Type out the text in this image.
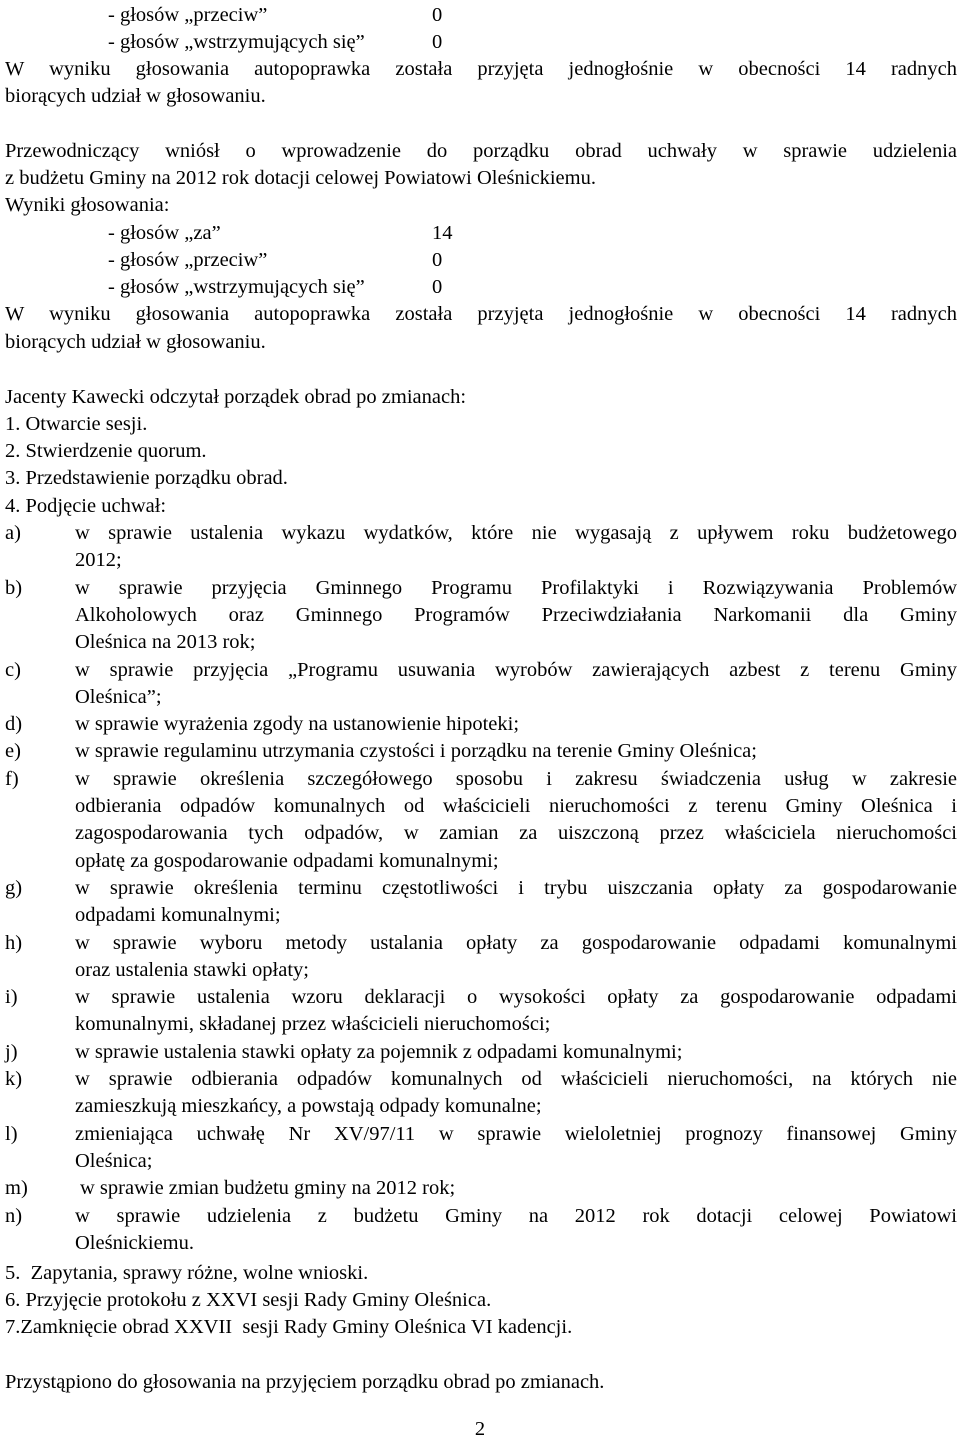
- głosów „przeciw”	0
- głosów „wstrzymujących się”	0
W wyniku głosowania autopoprawka została przyjęta jednogłośnie w obecności 14 radnych
biorących udział w głosowaniu.
Przewodniczący wniósł o wprowadzenie do porządku obrad uchwały w sprawie udzielenia
z budżetu Gminy na 2012 rok dotacji celowej Powiatowi Oleśnickiemu.
Wyniki głosowania:
- głosów „za”	14
- głosów „przeciw”	0
- głosów „wstrzymujących się”	0
W wyniku głosowania autopoprawka została przyjęta jednogłośnie w obecności 14 radnych
biorących udział w głosowaniu.
Jacenty Kawecki odczytał porządek obrad po zmianach:
1. Otwarcie sesji.
2. Stwierdzenie quorum.
3. Przedstawienie porządku obrad.
4. Podjęcie uchwał:
a)	w sprawie ustalenia wykazu wydatków, które nie wygasają z upływem roku budżetowego
2012;
b)	w sprawie przyjęcia Gminnego Programu Profilaktyki i Rozwiązywania Problemów
Alkoholowych oraz Gminnego Programów Przeciwdziałania Narkomanii dla Gminy
Oleśnica na 2013 rok;
c)	w sprawie przyjęcia „Programu usuwania wyrobów zawierających azbest z terenu Gminy
Oleśnica”;
d)	w sprawie wyrażenia zgody na ustanowienie hipoteki;
e)	w sprawie regulaminu utrzymania czystości i porządku na terenie Gminy Oleśnica;
f)	w sprawie określenia szczegółowego sposobu i zakresu świadczenia usług w zakresie
odbierania odpadów komunalnych od właścicieli nieruchomości z terenu Gminy Oleśnica i
zagospodarowania tych odpadów, w zamian za uiszczoną przez właściciela nieruchomości
opłatę za gospodarowanie odpadami komunalnymi;
g)	w sprawie określenia terminu częstotliwości i trybu uiszczania opłaty za gospodarowanie
odpadami komunalnymi;
h)	w sprawie wyboru metody ustalania opłaty za gospodarowanie odpadami komunalnymi
oraz ustalenia stawki opłaty;
i)	w sprawie ustalenia wzoru deklaracji o wysokości opłaty za gospodarowanie odpadami
komunalnymi, składanej przez właścicieli nieruchomości;
j)	w sprawie ustalenia stawki opłaty za pojemnik z odpadami komunalnymi;
k)	w sprawie odbierania odpadów komunalnych od właścicieli nieruchomości, na których nie
zamieszkują mieszkańcy, a powstają odpady komunalne;
l)	zmieniająca uchwałę Nr XV/97/11 w sprawie wieloletniej prognozy finansowej Gminy
Oleśnica;
m)	w sprawie zmian budżetu gminy na 2012 rok;
n)	w sprawie udzielenia z budżetu Gminy na 2012 rok dotacji celowej Powiatowi
Oleśnickiemu.
5.  Zapytania, sprawy różne, wolne wnioski.
6. Przyjęcie protokołu z XXVI sesji Rady Gminy Oleśnica.
7.Zamknięcie obrad XXVII  sesji Rady Gminy Oleśnica VI kadencji.
Przystąpiono do głosowania na przyjęciem porządku obrad po zmianach.
2
